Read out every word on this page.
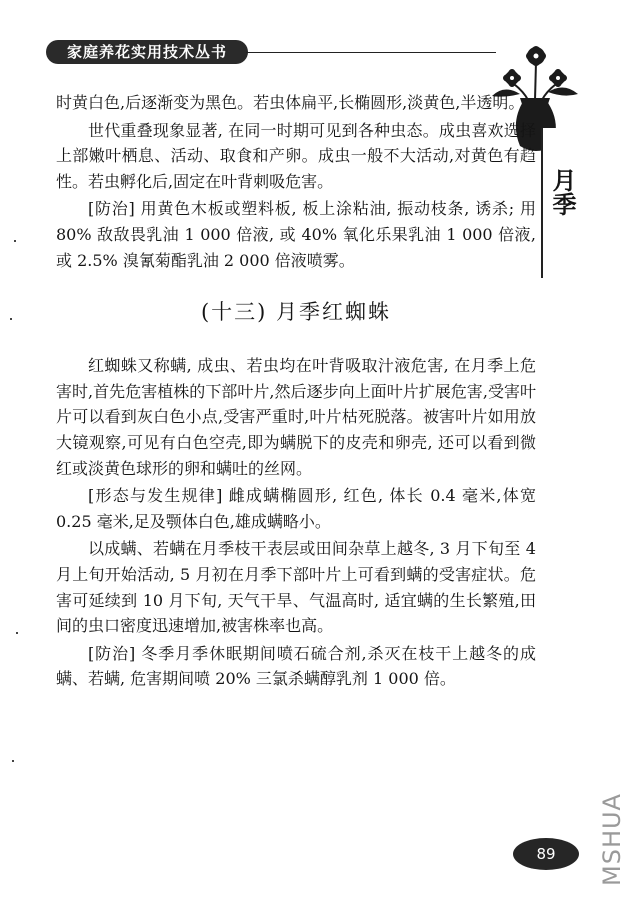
家庭养花实用技术丛书
月季

时黄白色,后逐渐变为黑色。若虫体扁平,长椭圆形,淡黄色,半透明。

世代重叠现象显著, 在同一时期可见到各种虫态。成虫喜欢选择上部嫩叶栖息、活动、取食和产卵。成虫一般不大活动,对黄色有趋性。若虫孵化后,固定在叶背刺吸危害。

[防治] 用黄色木板或塑料板, 板上涂粘油, 振动枝条, 诱杀; 用 80% 敌敌畏乳油 1 000 倍液, 或 40% 氧化乐果乳油 1 000 倍液,或 2.5% 溴氰菊酯乳油 2 000 倍液喷雾。

(十三) 月季红蜘蛛

红蜘蛛又称螨, 成虫、若虫均在叶背吸取汁液危害, 在月季上危害时,首先危害植株的下部叶片,然后逐步向上面叶片扩展危害,受害叶片可以看到灰白色小点,受害严重时,叶片枯死脱落。被害叶片如用放大镜观察,可见有白色空壳,即为螨脱下的皮壳和卵壳, 还可以看到微红或淡黄色球形的卵和螨吐的丝网。

[形态与发生规律] 雌成螨椭圆形, 红色, 体长 0.4 毫米,体宽 0.25 毫米,足及颚体白色,雄成螨略小。

以成螨、若螨在月季枝干表层或田间杂草上越冬, 3 月下旬至 4 月上旬开始活动, 5 月初在月季下部叶片上可看到螨的受害症状。危害可延续到 10 月下旬, 天气干旱、气温高时, 适宜螨的生长繁殖,田间的虫口密度迅速增加,被害株率也高。

[防治] 冬季月季休眠期间喷石硫合剂,杀灭在枝干上越冬的成螨、若螨, 危害期间喷 20% 三氯杀螨醇乳剂 1 000 倍。

89	MSHUA
